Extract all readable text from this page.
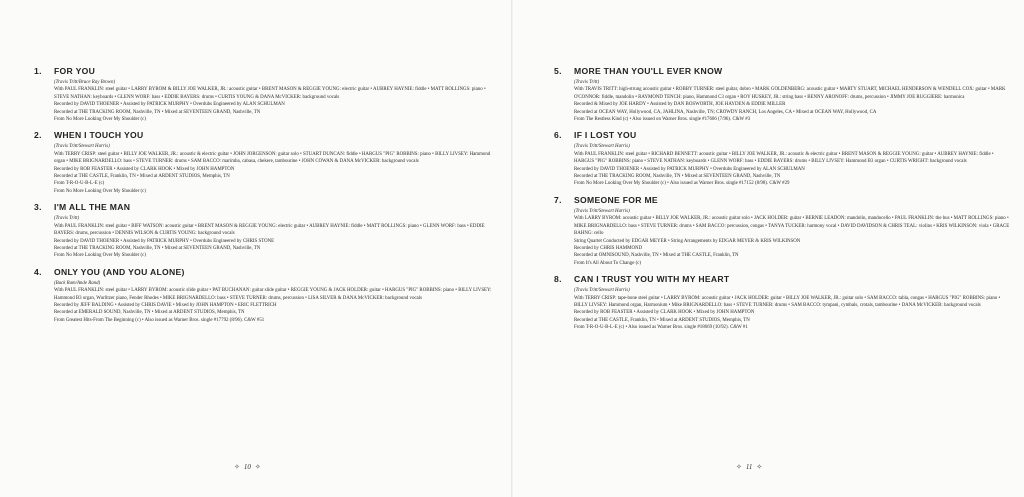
1. FOR YOU
(Travis Tritt/Bruce Ray Brown)
With PAUL FRANKLIN: steel guitar • LARRY BYROM & BILLY JOE WALKER, JR.: acoustic guitar • BRENT MASON & REGGIE YOUNG: electric guitar • AUBREY HAYNIE: fiddle • MATT ROLLINGS: piano • STEVE NATHAN: keyboards • GLENN WORF: bass • EDDIE BAYERS: drums • CURTIS YOUNG & DANA McVICKER: background vocals
Recorded by DAVID THOENER • Assisted by PATRICK MURPHY • Overdubs Engineered by ALAN SCHULMAN
Recorded at THE TRACKING ROOM, Nashville, TN • Mixed at SEVENTEEN GRAND, Nashville, TN
From No More Looking Over My Shoulder (c)
2. WHEN I TOUCH YOU
(Travis Tritt/Stewart Harris)
With TERRY CRISP: steel guitar • BILLY JOE WALKER, JR.: acoustic & electric guitar • JOHN JORGENSON: guitar solo • STUART DUNCAN: fiddle • HARGUS "PIG" ROBBINS: piano • BILLY LIVSEY: Hammond organ • MIKE BRIGNARDELLO: bass • STEVE TURNER: drums • SAM BACCO: marimba, cabasa, chekere, tambourine • JOHN COWAN & DANA McVICKER: background vocals
Recorded by ROB FEASTER • Assisted by CLARK HOOK • Mixed by JOHN HAMPTON
Recorded at THE CASTLE, Franklin, TN • Mixed at ARDENT STUDIOS, Memphis, TN
From T-R-O-U-B-L-E (c)
From No More Looking Over My Shoulder (c)
3. I'M ALL THE MAN
(Travis Tritt)
With PAUL FRANKLIN: steel guitar • BIFF WATSON: acoustic guitar • BRENT MASON & REGGIE YOUNG: electric guitar • AUBREY HAYNIE: fiddle • MATT ROLLINGS: piano • GLENN WORF: bass • EDDIE BAYERS: drums, percussion • DENNIS WILSON & CURTIS YOUNG: background vocals
Recorded by DAVID THOENER • Assisted by PATRICK MURPHY • Overdubs Engineered by CHRIS STONE
Recorded at THE TRACKING ROOM, Nashville, TN • Mixed at SEVENTEEN GRAND, Nashville, TN
From No More Looking Over My Shoulder (c)
4. ONLY YOU (AND YOU ALONE)
(Buck Ram/Ande Rand)
With PAUL FRANKLIN: steel guitar • LARRY BYROM: acoustic slide guitar • PAT BUCHANAN: guitar slide guitar • REGGIE YOUNG & JACK HOLDER: guitar • HARGUS "PIG" ROBBINS: piano • BILLY LIVSEY: Hammond B3 organ, Wurlitzer piano, Fender Rhodes • MIKE BRIGNARDELLO: bass • STEVE TURNER: drums, percussion • LISA SILVER & DANA McVICKER: background vocals
Recorded by JEFF BALDING • Assisted by CHRIS DAVIE • Mixed by JOHN HAMPTON • ERIC FLETTRICH
Recorded at EMERALD SOUND, Nashville, TN • Mixed at ARDENT STUDIOS, Memphis, TN
From Greatest Hits-From The Beginning (c) • Also issued as Warner Bros. single #17792 (8/96). C&W #51
✧ 10 ✧
5. MORE THAN YOU'LL EVER KNOW
(Travis Tritt)
With TRAVIS TRITT: high-strung acoustic guitar • ROBBY TURNER: steel guitar, dobro • MARK GOLDENBERG: acoustic guitar • MARTY STUART, MICHAEL HENDERSON & WENDELL COX: guitar • MARK O'CONNOR: fiddle, mandolin • RAYMOND TENCH: piano, Hammond C3 organ • ROY HUSKEY, JR.: string bass • BENNY ARONOFF: drums, percussion • JIMMY JOE RUGGIERE: harmonica
Recorded & Mixed by JOE HARDY • Assisted by DAN BOSWORTH, JOE HAYDEN & EDDIE MILLER
Recorded at OCEAN WAY, Hollywood, CA, JAHLINA, Nashville, TN; CROWDY RANCH, Los Angeles, CA • Mixed at OCEAN WAY, Hollywood, CA
From The Restless Kind (c) • Also issued on Warner Bros. single #17606 (7/96). C&W #3
6. IF I LOST YOU
(Travis Tritt/Stewart Harris)
With PAUL FRANKLIN: steel guitar • RICHARD BENNETT: acoustic guitar • BILLY JOE WALKER, JR.: acoustic & electric guitar • BRENT MASON & REGGIE YOUNG: guitar • AUBREY HAYNIE: fiddle • HARGUS "PIG" ROBBINS: piano • STEVE NATHAN: keyboards • GLENN WORF: bass • EDDIE BAYERS: drums • BILLY LIVSEY: Hammond B3 organ • CURTIS WRIGHT: background vocals
Recorded by DAVID THOENER • Assisted by PATRICK MURPHY • Overdubs Engineered by ALAN SCHULMAN
Recorded at THE TRACKING ROOM, Nashville, TN • Mixed at SEVENTEEN GRAND, Nashville, TN
From No More Looking Over My Shoulder (c) • Also issued as Warner Bros. single #17152 (8/98). C&W #29
7. SOMEONE FOR ME
(Travis Tritt/Stewart Harris)
With LARRY BYROM: acoustic guitar • BILLY JOE WALKER, JR.: acoustic guitar solo • JACK HOLDER: guitar • BERNIE LEADON: mandolin, mandocello • PAUL FRANKLIN: the bus • MATT ROLLINGS: piano • MIKE BRIGNARDELLO: bass • STEVE TURNER: drums • SAM BACCO: percussion, congas • TANYA TUCKER: harmony vocal • DAVID DAVIDSON & CHRIS TEAL: violins • KRIS WILKINSON: viola • GRACE BAHNG: cello
String Quartet Conducted by EDGAR MEYER • String Arrangements by EDGAR MEYER & KRIS WILKINSON
Recorded by CHRIS HAMMOND
Recorded at OMNISOUND, Nashville, TN • Mixed at THE CASTLE, Franklin, TN
From It's All About To Change (c)
8. CAN I TRUST YOU WITH MY HEART
(Travis Tritt/Stewart Harris)
With TERRY CRISP: tape-bone steel guitar • LARRY BYROM: acoustic guitar • JACK HOLDER: guitar • BILLY JOE WALKER, JR.: guitar solo • SAM BACCO: tabla, congas • HARGUS "PIG" ROBBINS: piano • BILLY LIVSEY: Hammond organ, Harmonium • Mike BRIGNARDELLO: bass • STEVE TURNER: drums • SAM BACCO: tympani, cymbals, crotals, tambourine • DANA McVICKER: background vocals
Recorded by ROB FEASTER • Assisted by CLARK HOOK • Mixed by JOHN HAMPTON
Recorded at THE CASTLE, Franklin, TN • Mixed at ARDENT STUDIOS, Memphis, TN
From T-R-O-U-B-L-E (c) • Also issued as Warner Bros. single #18669 (10/92). C&W #1
✧ 11 ✧
